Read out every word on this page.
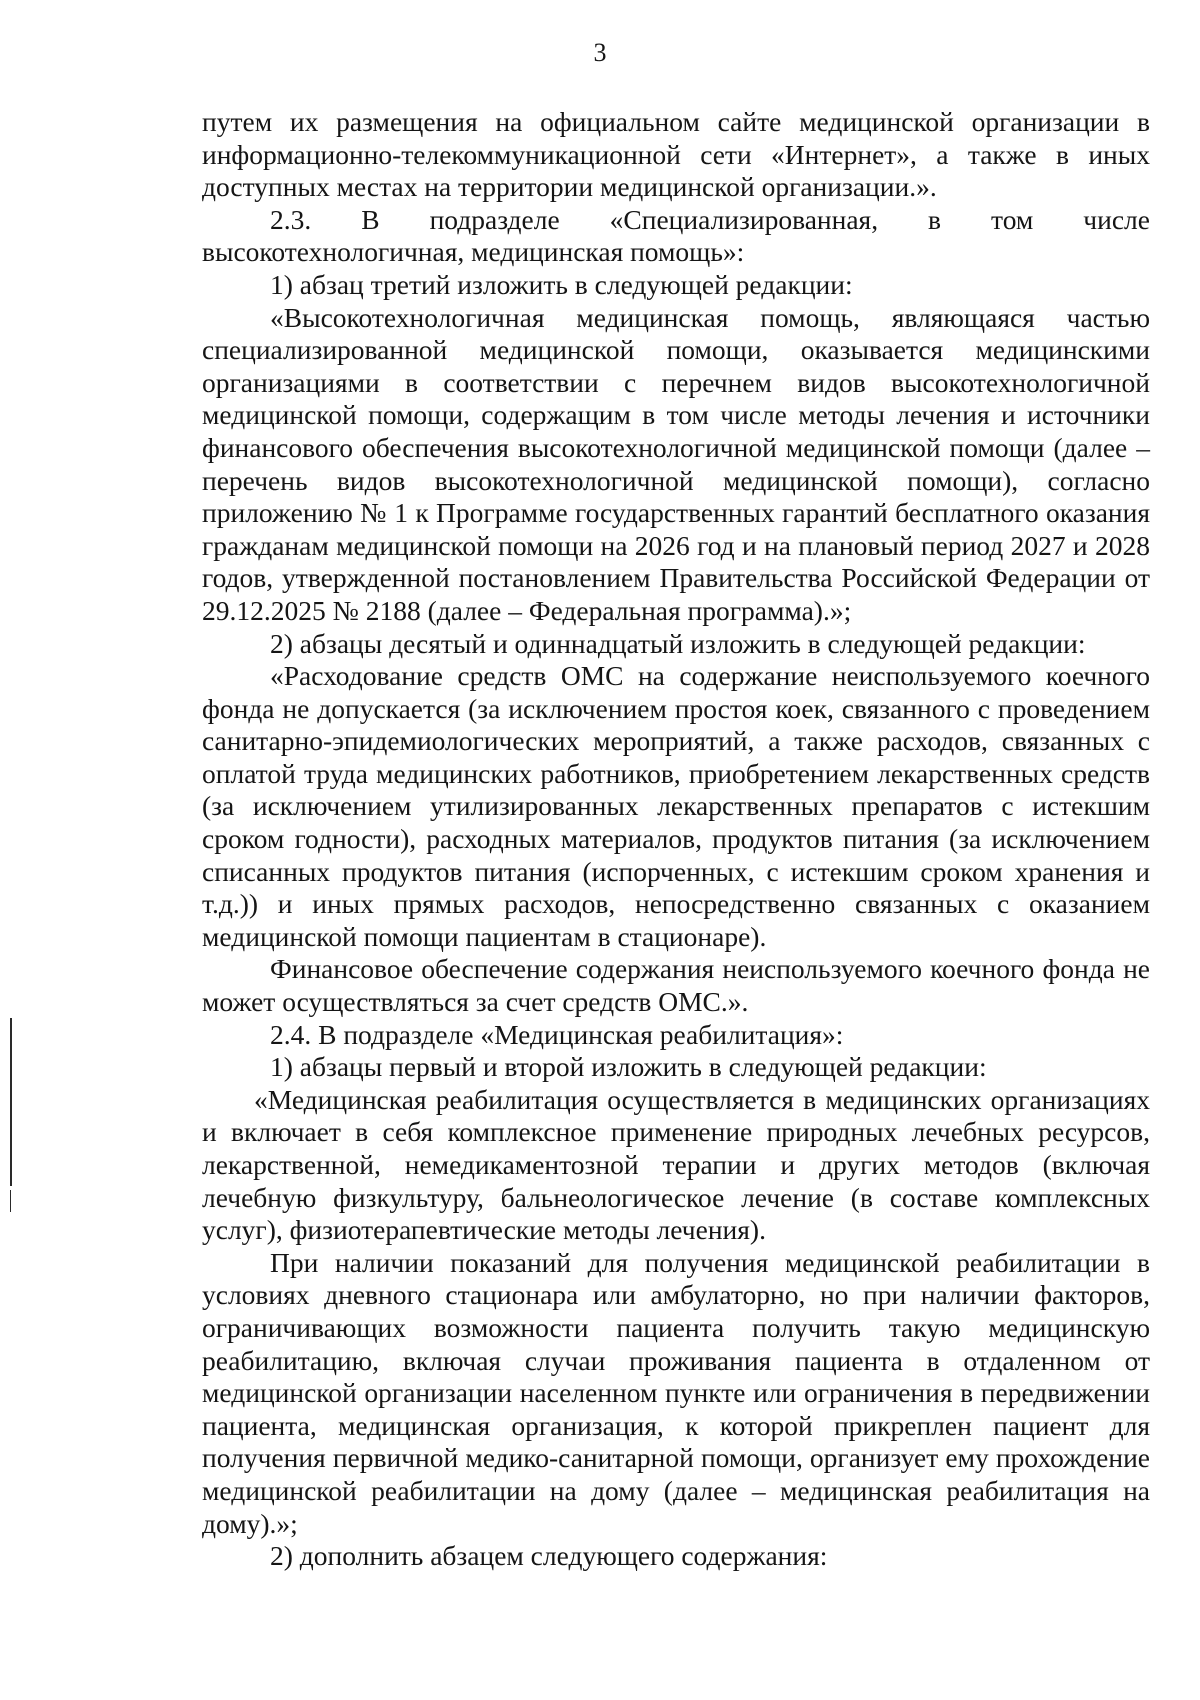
3

путем их размещения на официальном сайте медицинской организации в информационно-телекоммуникационной сети «Интернет», а также в иных доступных местах на территории медицинской организации.».

2.3. В подразделе «Специализированная, в том числе высокотехнологичная, медицинская помощь»:

1) абзац третий изложить в следующей редакции:

«Высокотехнологичная медицинская помощь, являющаяся частью специализированной медицинской помощи, оказывается медицинскими организациями в соответствии с перечнем видов высокотехнологичной медицинской помощи, содержащим в том числе методы лечения и источники финансового обеспечения высокотехнологичной медицинской помощи (далее – перечень видов высокотехнологичной медицинской помощи), согласно приложению № 1 к Программе государственных гарантий бесплатного оказания гражданам медицинской помощи на 2026 год и на плановый период 2027 и 2028 годов, утвержденной постановлением Правительства Российской Федерации от 29.12.2025 № 2188 (далее – Федеральная программа).»;

2) абзацы десятый и одиннадцатый изложить в следующей редакции:

«Расходование средств ОМС на содержание неиспользуемого коечного фонда не допускается (за исключением простоя коек, связанного с проведением санитарно-эпидемиологических мероприятий, а также расходов, связанных с оплатой труда медицинских работников, приобретением лекарственных средств (за исключением утилизированных лекарственных препаратов с истекшим сроком годности), расходных материалов, продуктов питания (за исключением списанных продуктов питания (испорченных, с истекшим сроком хранения и т.д.)) и иных прямых расходов, непосредственно связанных с оказанием медицинской помощи пациентам в стационаре).

Финансовое обеспечение содержания неиспользуемого коечного фонда не может осуществляться за счет средств ОМС.».

2.4. В подразделе «Медицинская реабилитация»:

1) абзацы первый и второй изложить в следующей редакции:

«Медицинская реабилитация осуществляется в медицинских организациях и включает в себя комплексное применение природных лечебных ресурсов, лекарственной, немедикаментозной терапии и других методов (включая лечебную физкультуру, бальнеологическое лечение (в составе комплексных услуг), физиотерапевтические методы лечения).

При наличии показаний для получения медицинской реабилитации в условиях дневного стационара или амбулаторно, но при наличии факторов, ограничивающих возможности пациента получить такую медицинскую реабилитацию, включая случаи проживания пациента в отдаленном от медицинской организации населенном пункте или ограничения в передвижении пациента, медицинская организация, к которой прикреплен пациент для получения первичной медико-санитарной помощи, организует ему прохождение медицинской реабилитации на дому (далее – медицинская реабилитация на дому).»;

2) дополнить абзацем следующего содержания:
